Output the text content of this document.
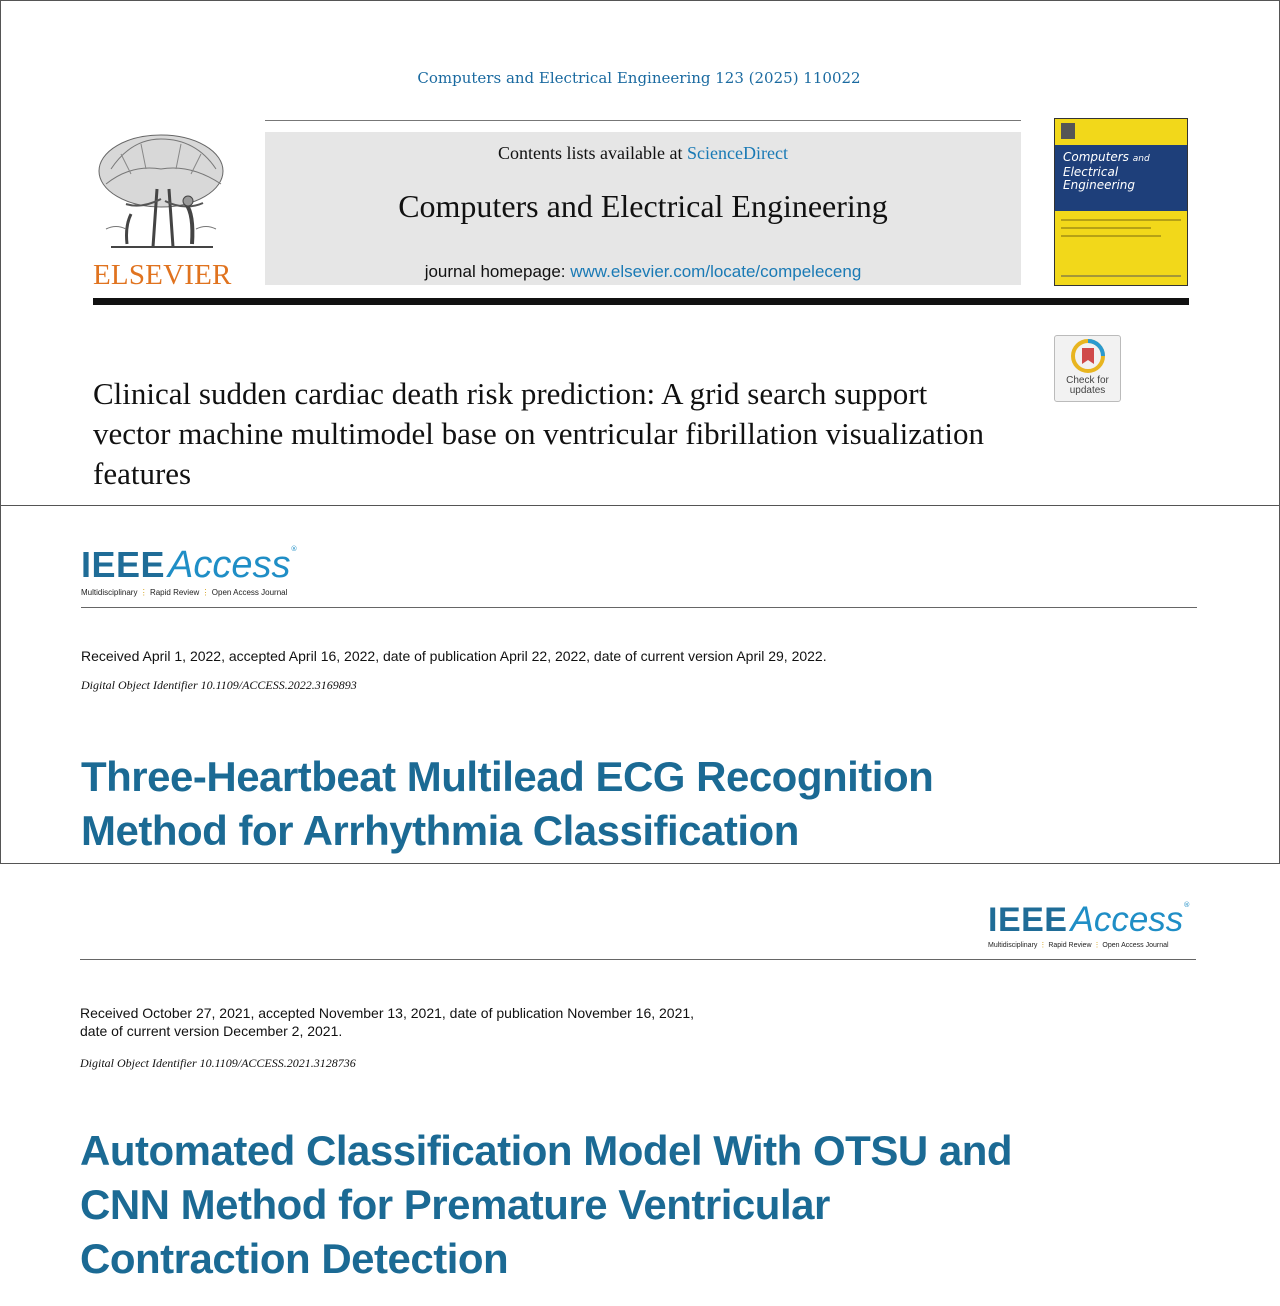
Computers and Electrical Engineering 123 (2025) 110022
ELSEVIER
Contents lists available at ScienceDirect
Computers and Electrical Engineering
journal homepage: www.elsevier.com/locate/compeleceng
Computers and
Electrical Engineering
Check for
updates
Clinical sudden cardiac death risk prediction: A grid search support vector machine multimodel base on ventricular fibrillation visualization features
IEEEAccess®
Multidisciplinary ⋮ Rapid Review ⋮ Open Access Journal
Received April 1, 2022, accepted April 16, 2022, date of publication April 22, 2022, date of current version April 29, 2022.
Digital Object Identifier 10.1109/ACCESS.2022.3169893
Three-Heartbeat Multilead ECG Recognition
Method for Arrhythmia Classification
IEEEAccess®
Multidisciplinary ⋮ Rapid Review ⋮ Open Access Journal
Received October 27, 2021, accepted November 13, 2021, date of publication November 16, 2021,
date of current version December 2, 2021.
Digital Object Identifier 10.1109/ACCESS.2021.3128736
Automated Classification Model With OTSU and
CNN Method for Premature Ventricular
Contraction Detection
